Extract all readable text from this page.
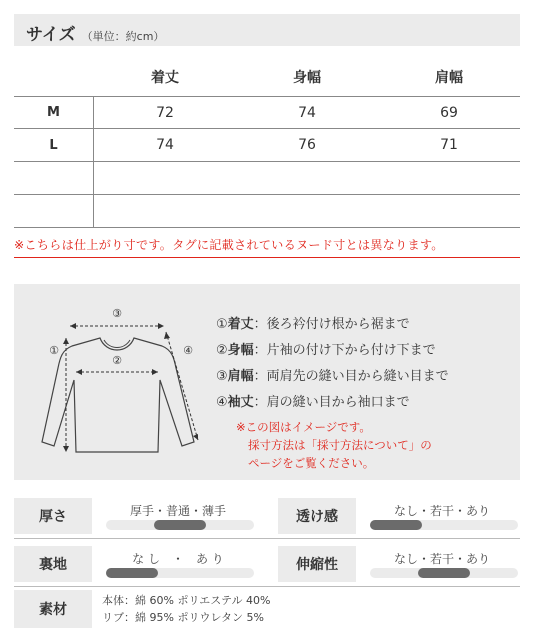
サイズ （単位：約cm）
着丈	身幅	肩幅
M	72	74	69
L	74	76	71
※こちらは仕上がり寸です。タグに記載されているヌード寸とは異なります。
③
②
①	④
①着丈：後ろ衿付け根から裾まで
②身幅：片袖の付け下から付け下まで
③肩幅：両肩先の縫い目から縫い目まで
④袖丈：肩の縫い目から袖口まで
※この図はイメージです。
採寸方法は「採寸方法について」の
ページをご覧ください。
厚さ	厚手・普通・薄手	透け感	なし・若干・あり
裏地	な し　・　あ り	伸縮性	なし・若干・あり
素材
本体：綿 60% ポリエステル 40%
リブ：綿 95% ポリウレタン 5%
